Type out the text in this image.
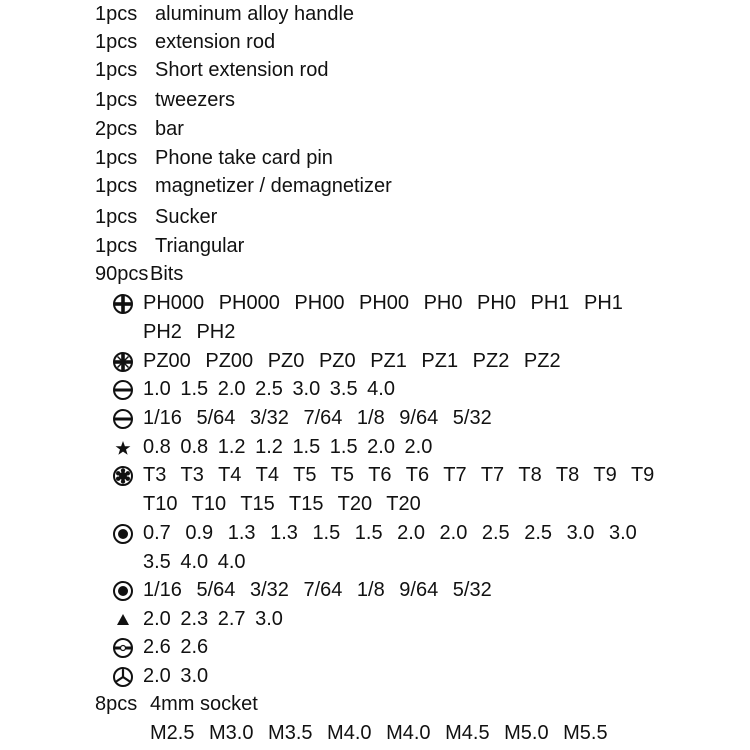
1pcs aluminum alloy handle
1pcs extension rod
1pcs Short extension rod
1pcs tweezers
2pcs bar
1pcs Phone take card pin
1pcs magnetizer / demagnetizer
1pcs Sucker
1pcs Triangular
90pcs Bits
PH000 PH000 PH00 PH00 PH0 PH0 PH1 PH1
PH2 PH2
PZ00 PZ00 PZ0 PZ0 PZ1 PZ1 PZ2 PZ2
1.0 1.5 2.0 2.5 3.0 3.5 4.0
1/16 5/64 3/32 7/64 1/8 9/64 5/32
0.8 0.8 1.2 1.2 1.5 1.5 2.0 2.0
T3 T3 T4 T4 T5 T5 T6 T6 T7 T7 T8 T8 T9 T9
T10 T10 T15 T15 T20 T20
0.7 0.9 1.3 1.3 1.5 1.5 2.0 2.0 2.5 2.5 3.0 3.0
3.5 4.0 4.0
1/16 5/64 3/32 7/64 1/8 9/64 5/32
2.0 2.3 2.7 3.0
2.6 2.6
2.0 3.0
8pcs 4mm socket
M2.5 M3.0 M3.5 M4.0 M4.0 M4.5 M5.0 M5.5
